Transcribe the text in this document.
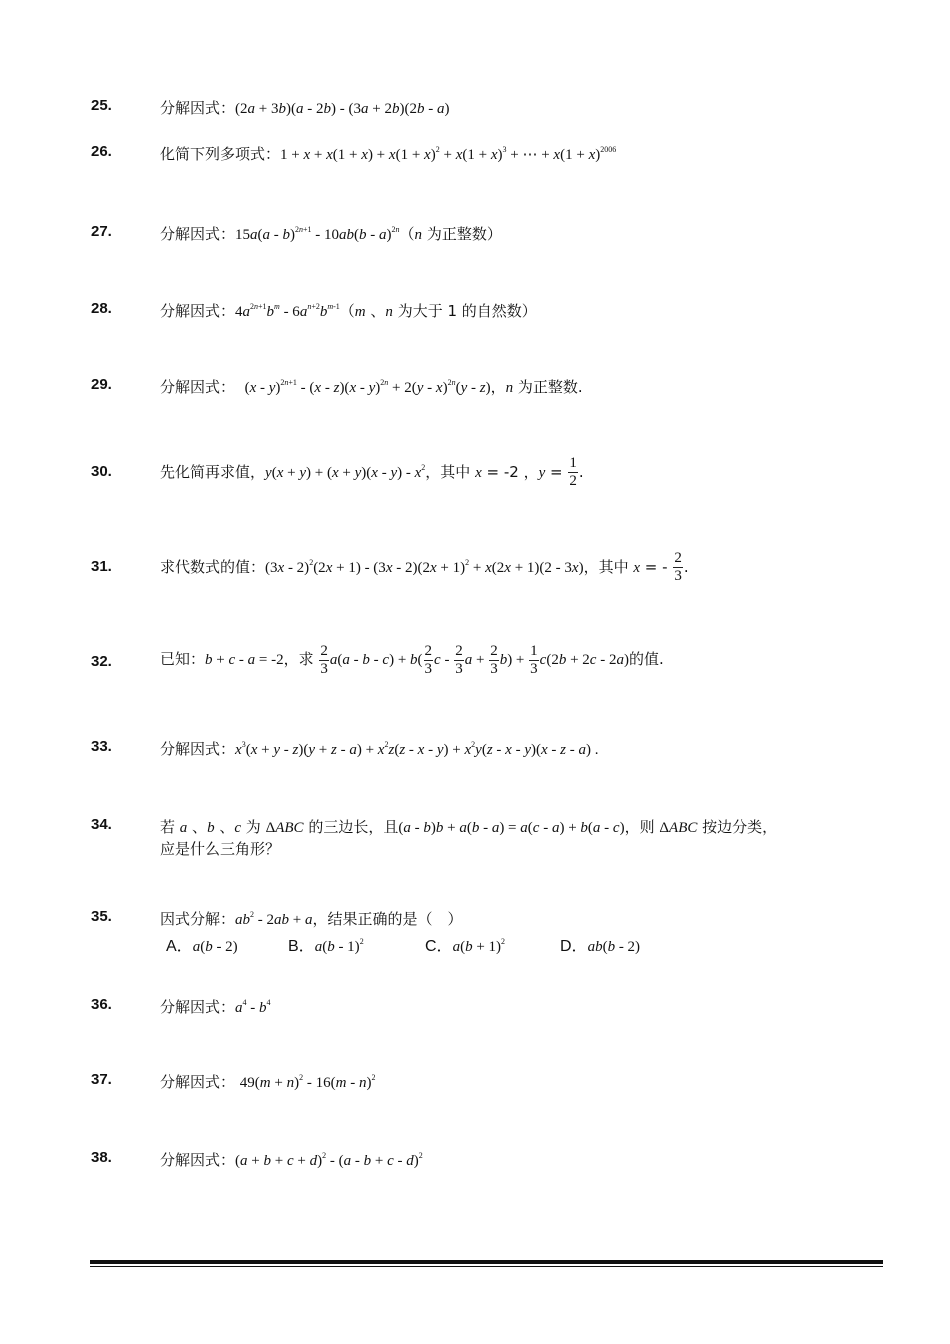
25.	分解因式：(2a + 3b)(a - 2b) - (3a + 2b)(2b - a)
26.	化简下列多项式：$1 + x + x(1 + x) + x(1 + x)^2 + x(1 + x)^3$ + ⋯ + $x(1 + x)^{2006}$
27.	分解因式：15a(a - b)$^{2n+1}$ - 10ab(b - a)$^{2n}$（n 为正整数）
28.	分解因式：$4a^{2n+1}b^m - 6a^{n+2}b^{m-1}(m$ 、n 为大于 1 的自然数）
29.	分解因式： (x - y)$^{2n+1}$ - (x - z)(x - y)$^{2n}$ + 2(y - x)$^{2n}$(y - z)，n 为正整数.
30.	先化简再求值，$y(x + y) + (x + y)(x - y) - x^2$，其中 x = -2 ，$y = \frac{1}{2}$ .
31.	求代数式的值：$(3x - 2)^2(2x + 1) - (3x - 2)(2x + 1)^2 + x(2x + 1)(2 - 3x)$，其中 x = - $\frac{2}{3}$ .
32.	已知：b + c - a = -2，求 $\frac{2}{3} a(a - b - c) + b( \frac{2}{3}$ c - $\frac{2}{3}$ $a + \frac{2}{3} b) + \frac{1}{3} c(2b + 2c - 2a)$的值.
33.	分解因式：$x^3(x + y - z)(y + z - a) + x^2z(z - x - y) + x^2y(z - x - y)(x - z - a)$ .
34.	若 a 、b 、c 为 ΔABC 的三边长，且(a - b)b + a(b - a) = a(c - a) + b(a - c)，则 ΔABC 按边分类，
应是什么三角形？
35.	因式分解：$ab^2 - 2ab + a$，结果正确的是（　）
A．a(b - 2)	B．a(b - 1)$^2$	C．$a(b + 1)^2$	D．ab(b - 2)
36.	分解因式：$a^4 - b^4$
37.	分解因式： $49(m + n)^2 - 16(m - n)^2$
38.	分解因式：$(a + b + c + d)^2 - (a - b + c - d)^2$
